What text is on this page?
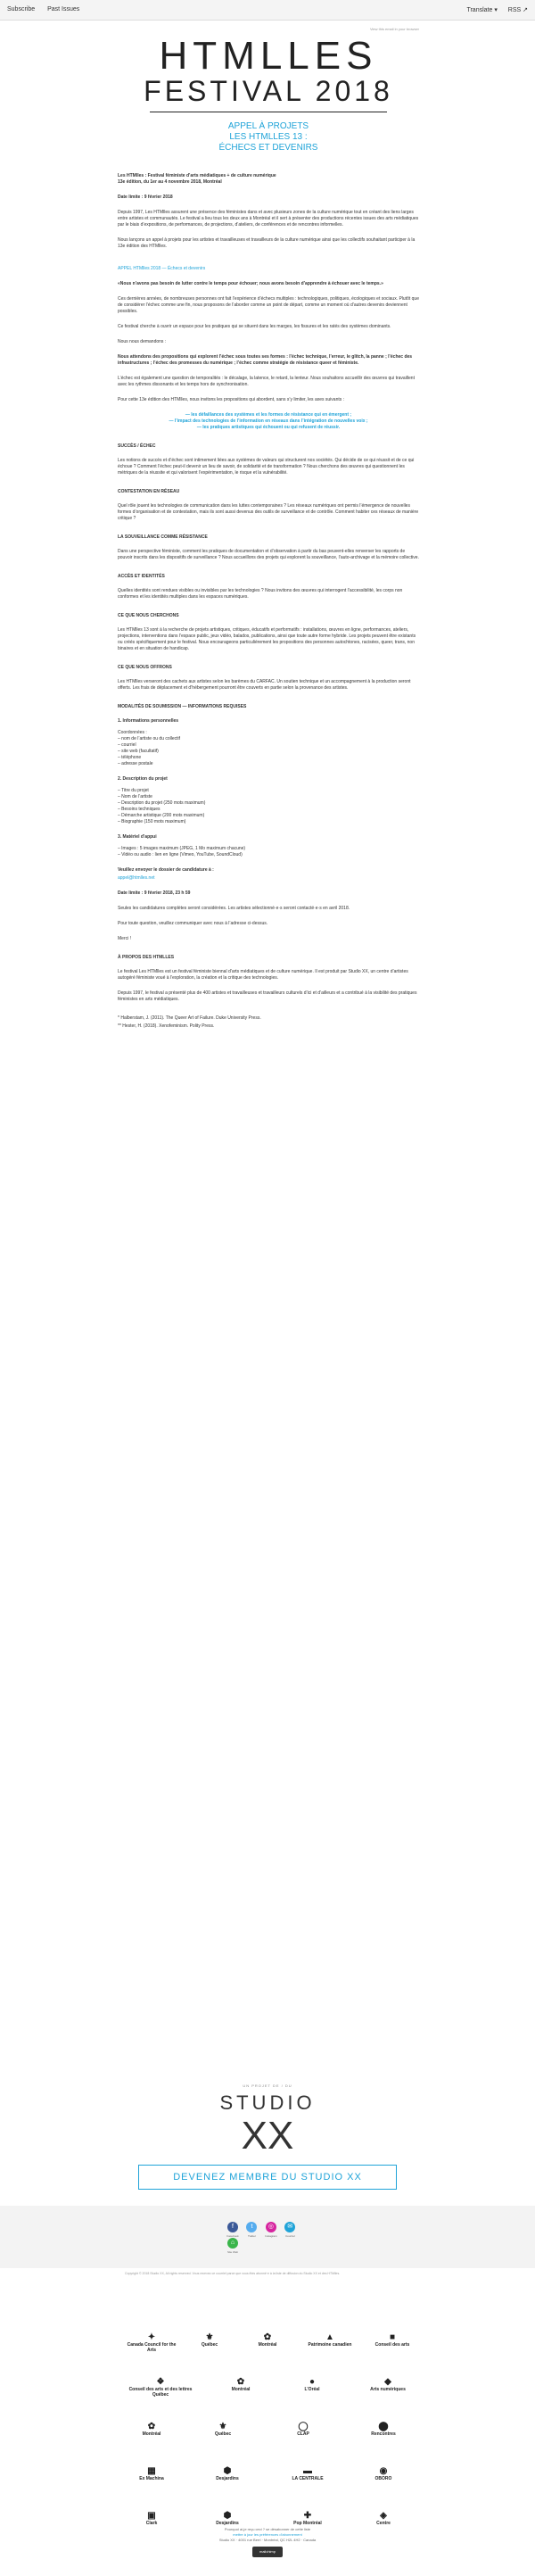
Subscribe Past Issues	Translate ▾ RSS ↗
View this email in your browser
HTMLLES
FESTIVAL 2018
APPEL À PROJETS
LES HTMLLES 13 :
ÉCHECS ET DEVENIRS
Les HTMlles : Festival féministe d’arts médiatiques + de culture numérique
13e édition, du 1er au 4 novembre 2018, Montréal
Date limite : 9 février 2018
Depuis 1997, Les HTMlles assurent une présence des féministes dans et avec plusieurs zones de la culture numérique tout en créant des liens larges entre artistes et communautés. Le festival a lieu tous les deux ans à Montréal et il sert à présenter des productions récentes issues des arts médiatiques par le biais d’expositions, de performances, de projections, d’ateliers, de conférences et de rencontres informelles.
Nous lançons un appel à projets pour les artistes et travailleuses et travailleurs de la culture numérique ainsi que les collectifs souhaitant participer à la 13e édition des HTMlles.
APPEL HTMlles 2018 — Échecs et devenirs
«Nous n’avons pas besoin de lutter contre le temps pour échouer; nous avons besoin d’apprendre à échouer avec le temps.»
Ces dernières années, de nombreuses personnes ont fait l’expérience d’échecs multiples : technologiques, politiques, écologiques et sociaux. Plutôt que de considérer l’échec comme une fin, nous proposons de l’aborder comme un point de départ, comme un moment où d’autres devenirs deviennent possibles.
Ce festival cherche à ouvrir un espace pour les pratiques qui se situent dans les marges, les fissures et les ratés des systèmes dominants.
Nous nous demandons :
Nous attendons des propositions qui explorent l’échec sous toutes ses formes : l’échec technique, l’erreur, le glitch, la panne ; l’échec des infrastructures ; l’échec des promesses du numérique ; l’échec comme stratégie de résistance queer et féministe.
L’échec est également une question de temporalités : le décalage, la latence, le retard, la lenteur. Nous souhaitons accueillir des œuvres qui travaillent avec les rythmes dissonants et les temps hors de synchronisation.
Pour cette 13e édition des HTMlles, nous invitons les propositions qui abordent, sans s’y limiter, les axes suivants :
— les défaillances des systèmes et les formes de résistance qui en émergent ;
— l’impact des technologies de l’information en réseaux dans l’intégration de nouvelles voix ;
— les pratiques artistiques qui échouent ou qui refusent de réussir.
SUCCÈS / ÉCHEC
Les notions de succès et d’échec sont intimement liées aux systèmes de valeurs qui structurent nos sociétés. Qui décide de ce qui réussit et de ce qui échoue ? Comment l’échec peut-il devenir un lieu de savoir, de solidarité et de transformation ? Nous cherchons des œuvres qui questionnent les métriques de la réussite et qui valorisent l’expérimentation, le risque et la vulnérabilité.
CONTESTATION EN RÉSEAU
Quel rôle jouent les technologies de communication dans les luttes contemporaines ? Les réseaux numériques ont permis l’émergence de nouvelles formes d’organisation et de contestation, mais ils sont aussi devenus des outils de surveillance et de contrôle. Comment habiter ces réseaux de manière critique ?
LA SOUVEILLANCE COMME RÉSISTANCE
Dans une perspective féministe, comment les pratiques de documentation et d’observation à partir du bas peuvent-elles renverser les rapports de pouvoir inscrits dans les dispositifs de surveillance ? Nous accueillons des projets qui explorent la souveillance, l’auto-archivage et la mémoire collective.
ACCÈS ET IDENTITÉS
Quelles identités sont rendues visibles ou invisibles par les technologies ? Nous invitons des œuvres qui interrogent l’accessibilité, les corps non conformes et les identités multiples dans les espaces numériques.
CE QUE NOUS CHERCHONS
Les HTMlles 13 sont à la recherche de projets artistiques, critiques, éducatifs et performatifs : installations, œuvres en ligne, performances, ateliers, projections, interventions dans l’espace public, jeux vidéo, balados, publications, ainsi que toute autre forme hybride. Les projets peuvent être existants ou créés spécifiquement pour le festival. Nous encourageons particulièrement les propositions des personnes autochtones, racisées, queer, trans, non binaires et en situation de handicap.
CE QUE NOUS OFFRONS
Les HTMlles verseront des cachets aux artistes selon les barèmes du CARFAC. Un soutien technique et un accompagnement à la production seront offerts. Les frais de déplacement et d’hébergement pourront être couverts en partie selon la provenance des artistes.
MODALITÉS DE SOUMISSION — INFORMATIONS REQUISES
1. Informations personnelles
Coordonnées :
– nom de l’artiste ou du collectif
– courriel
– site web (facultatif)
– téléphone
– adresse postale
2. Description du projet
– Titre du projet
– Nom de l’artiste
– Description du projet (250 mots maximum)
– Besoins techniques
– Démarche artistique (200 mots maximum)
– Biographie (150 mots maximum)
3. Matériel d’appui
– Images : 5 images maximum (JPEG, 1 Mo maximum chacune)
– Vidéo ou audio : lien en ligne (Vimeo, YouTube, SoundCloud)
Veuillez envoyer le dossier de candidature à :
appel@htmlles.net
Date limite : 9 février 2018, 23 h 59
Seules les candidatures complètes seront considérées. Les artistes sélectionné·e·s seront contacté·e·s en avril 2018.
Pour toute question, veuillez communiquer avec nous à l’adresse ci-dessus.
Merci !
À PROPOS DES HTMLLES
Le festival Les HTMlles est un festival féministe biennal d’arts médiatiques et de culture numérique. Il est produit par Studio XX, un centre d’artistes autogéré féministe voué à l’exploration, la création et la critique des technologies.
Depuis 1997, le festival a présenté plus de 400 artistes et travailleuses et travailleurs culturels d’ici et d’ailleurs et a contribué à la visibilité des pratiques féministes en arts médiatiques.
* Halberstam, J. (2011). The Queer Art of Failure. Duke University Press.
** Hester, H. (2018). Xenofeminism. Polity Press.
UN PROJET DE / DU
STUDIO
XX
DEVENEZ MEMBRE DU STUDIO XX
f
Facebook

t
Twitter

◎
Instagram

✉
Courriel

⌂
Site Web
Copyright © 2018 Studio XX, All rights reserved. Vous recevez ce courriel parce que vous êtes abonné·e à la liste de diffusion du Studio XX et des HTMlles.
✦
Canada Council for the Arts
⚜
Québec
✿
Montréal
▲
Patrimoine canadien
■
Conseil des arts
❖
Conseil des arts et des lettres Québec
✿
Montréal
●
L’Oréal
◆
Arts numériques
✿
Montréal
⚜
Québec
◯
CLAP
⬤
Rencontres
▦
Ex Machina
⬢
Desjardins
▬
LA CENTRALE
◉
OBORO
▣
Clark
⬢
Desjardins
✚
Pop Montréal
◈
Centre
Pourquoi ai-je reçu ceci ? se désabonner de cette liste
mettre à jour les préférences d’abonnement
Studio XX · 4001 rue Berri · Montréal, QC H2L 4H2 · Canada
mailchimp
